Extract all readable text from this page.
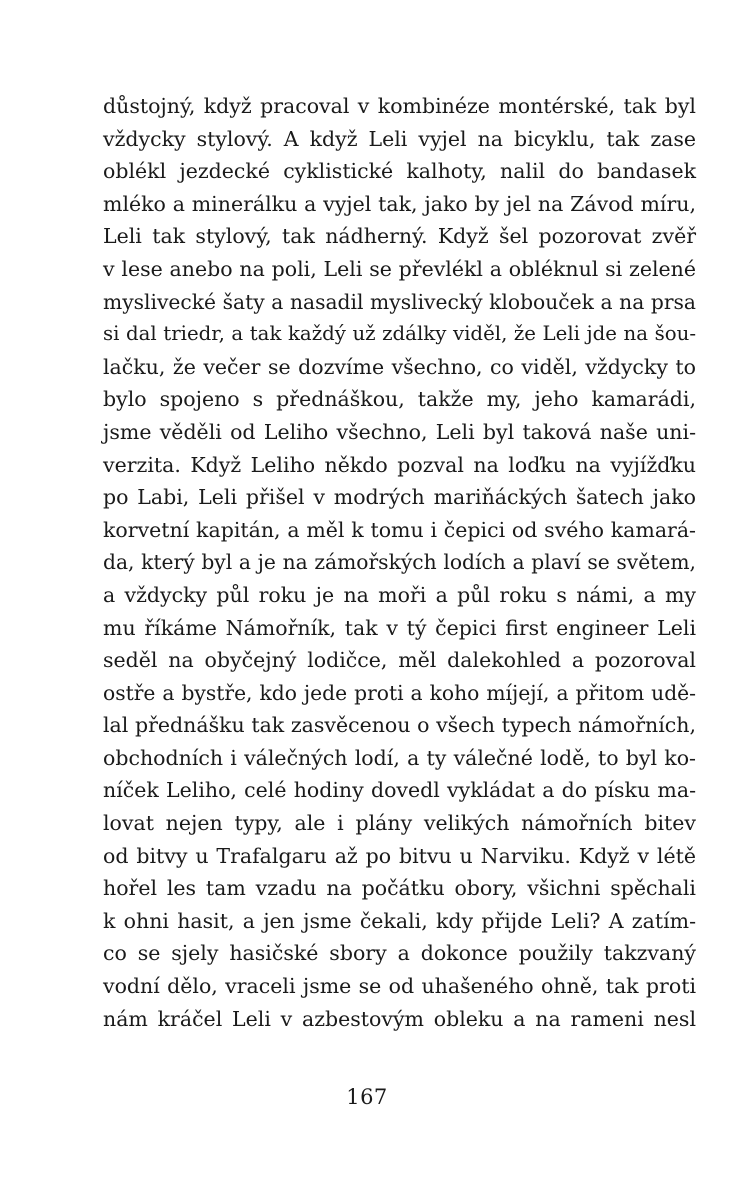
důstojný, když pracoval v kombinéze montérské, tak byl
vždycky stylový. A když Leli vyjel na bicyklu, tak zase
oblékl jezdecké cyklistické kalhoty, nalil do bandasek
mléko a minerálku a vyjel tak, jako by jel na Závod míru,
Leli tak stylový, tak nádherný. Když šel pozorovat zvěř
v lese anebo na poli, Leli se převlékl a obléknul si zelené
myslivecké šaty a nasadil myslivecký klobouček a na prsa
si dal triedr, a tak každý už zdálky viděl, že Leli jde na šou-
lačku, že večer se dozvíme všechno, co viděl, vždycky to
bylo spojeno s přednáškou, takže my, jeho kamarádi,
jsme věděli od Leliho všechno, Leli byl taková naše uni-
verzita. Když Leliho někdo pozval na loďku na vyjížďku
po Labi, Leli přišel v modrých mariňáckých šatech jako
korvetní kapitán, a měl k tomu i čepici od svého kamará-
da, který byl a je na zámořských lodích a plaví se světem,
a vždycky půl roku je na moři a půl roku s námi, a my
mu říkáme Námořník, tak v tý čepici first engineer Leli
seděl na obyčejný lodičce, měl dalekohled a pozoroval
ostře a bystře, kdo jede proti a koho míjejí, a přitom udě-
lal přednášku tak zasvěcenou o všech typech námořních,
obchodních i válečných lodí, a ty válečné lodě, to byl ko-
níček Leliho, celé hodiny dovedl vykládat a do písku ma-
lovat nejen typy, ale i plány velikých námořních bitev
od bitvy u Trafalgaru až po bitvu u Narviku. Když v létě
hořel les tam vzadu na počátku obory, všichni spěchali
k ohni hasit, a jen jsme čekali, kdy přijde Leli? A zatím-
co se sjely hasičské sbory a dokonce použily takzvaný
vodní dělo, vraceli jsme se od uhašeného ohně, tak proti
nám kráčel Leli v azbestovým obleku a na rameni nesl
167
